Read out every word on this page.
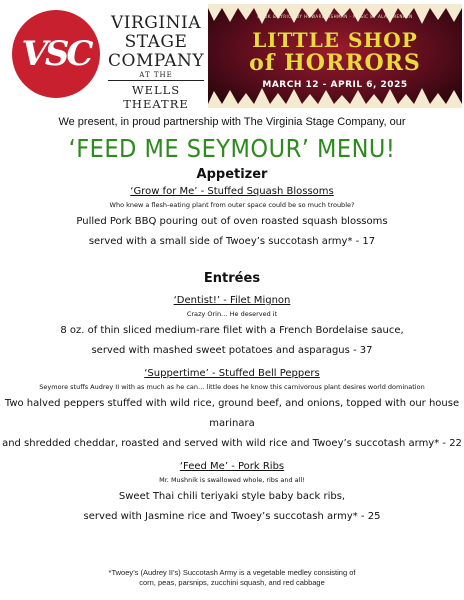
VSC
VIRGINIA
STAGE
COMPANY
AT THE
WELLS THEATRE
BOOK & LYRICS BY HOWARD ASHMAN · MUSIC BY ALAN MENKEN
LITTLE SHOP
of HORRORS
MARCH 12 - APRIL 6, 2025
We present, in proud partnership with The Virginia Stage Company, our
‘FEED ME SEYMOUR’ MENU!
Appetizer
‘Grow for Me’ - Stuffed Squash Blossoms
Who knew a flesh-eating plant from outer space could be so much trouble?
Pulled Pork BBQ pouring out of oven roasted squash blossoms
served with a small side of Twoey’s succotash army* - 17
Entrées
‘Dentist!’ - Filet Mignon
Crazy Orin… He deserved it
8 oz. of thin sliced medium-rare filet with a French Bordelaise sauce,
served with mashed sweet potatoes and asparagus - 37
‘Suppertime’ - Stuffed Bell Peppers
Seymore stuffs Audrey II with as much as he can… little does he know this carnivorous plant desires world domination
Two halved peppers stuffed with wild rice, ground beef, and onions, topped with our house marinara
and shredded cheddar, roasted and served with wild rice and Twoey’s succotash army* - 22
‘Feed Me’ - Pork Ribs
Mr. Mushnik is swallowed whole, ribs and all!
Sweet Thai chili teriyaki style baby back ribs,
served with Jasmine rice and Twoey’s succotash army* - 25
*Twoey’s (Audrey II’s) Succotash Army is a vegetable medley consisting of
corn, peas, parsnips, zucchini squash, and red cabbage
